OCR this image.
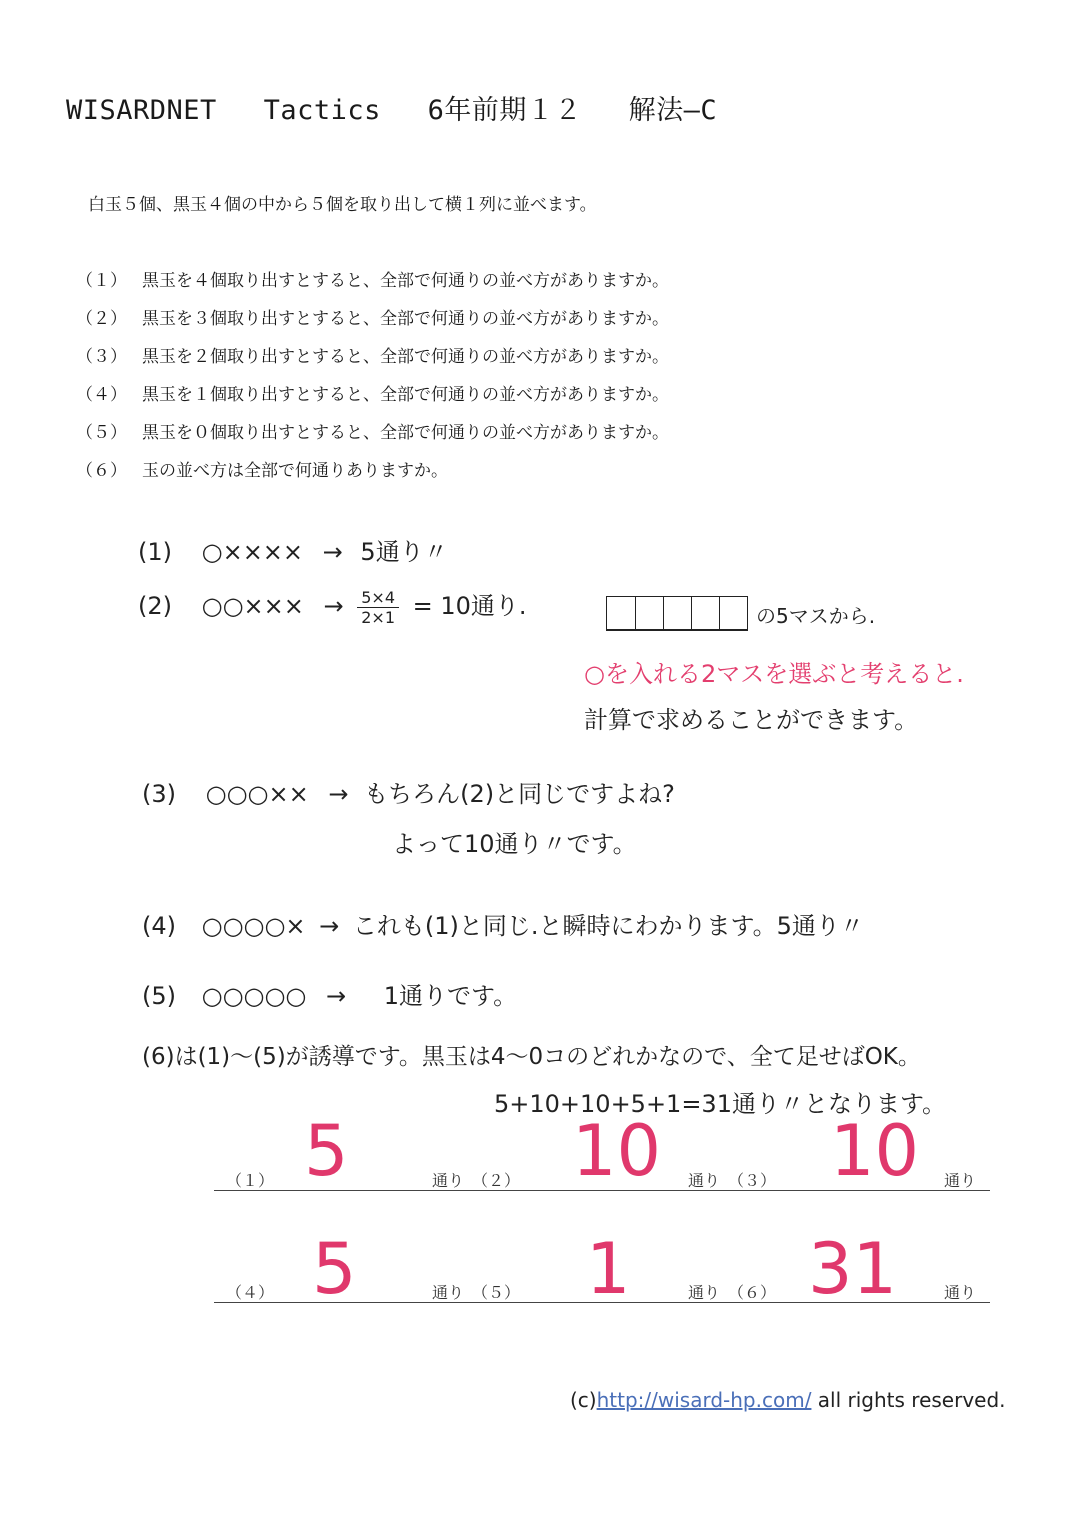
WISARDNET Tactics 6年前期１２ 解法―C
白玉５個、黒玉４個の中から５個を取り出して横１列に並べます。
（１） 黒玉を４個取り出すとすると、全部で何通りの並べ方がありますか。
（２） 黒玉を３個取り出すとすると、全部で何通りの並べ方がありますか。
（３） 黒玉を２個取り出すとすると、全部で何通りの並べ方がありますか。
（４） 黒玉を１個取り出すとすると、全部で何通りの並べ方がありますか。
（５） 黒玉を０個取り出すとすると、全部で何通りの並べ方がありますか。
（６） 玉の並べ方は全部で何通りありますか。
(1) ○×××× → 5通り〃
(2) ○○××× → $\frac{5\times 4}{2\times 1} = 10$通り.	の5マスから.
○を入れる2マスを選ぶと考えると.
計算で求めることができます。
(3) ○○○×× → もちろん(2)と同じですよね?
よって10通り〃です。
(4) ○○○○× → これも(1)と同じ.と瞬時にわかります。5通り〃
(5) ○○○○○ → 1通りです。
(6)は(1)～(5)が誘導です。黒玉は4～0コのどれかなので、全て足せばOK。
5+10+10+5+1=31通り〃となります。
（１） 5	通り （２） 10 通り （３） 10 通り
（４） 5	通り （５） 1	通り （６） 31	通り
(c)http://wisard-hp.com/ all rights reserved.
